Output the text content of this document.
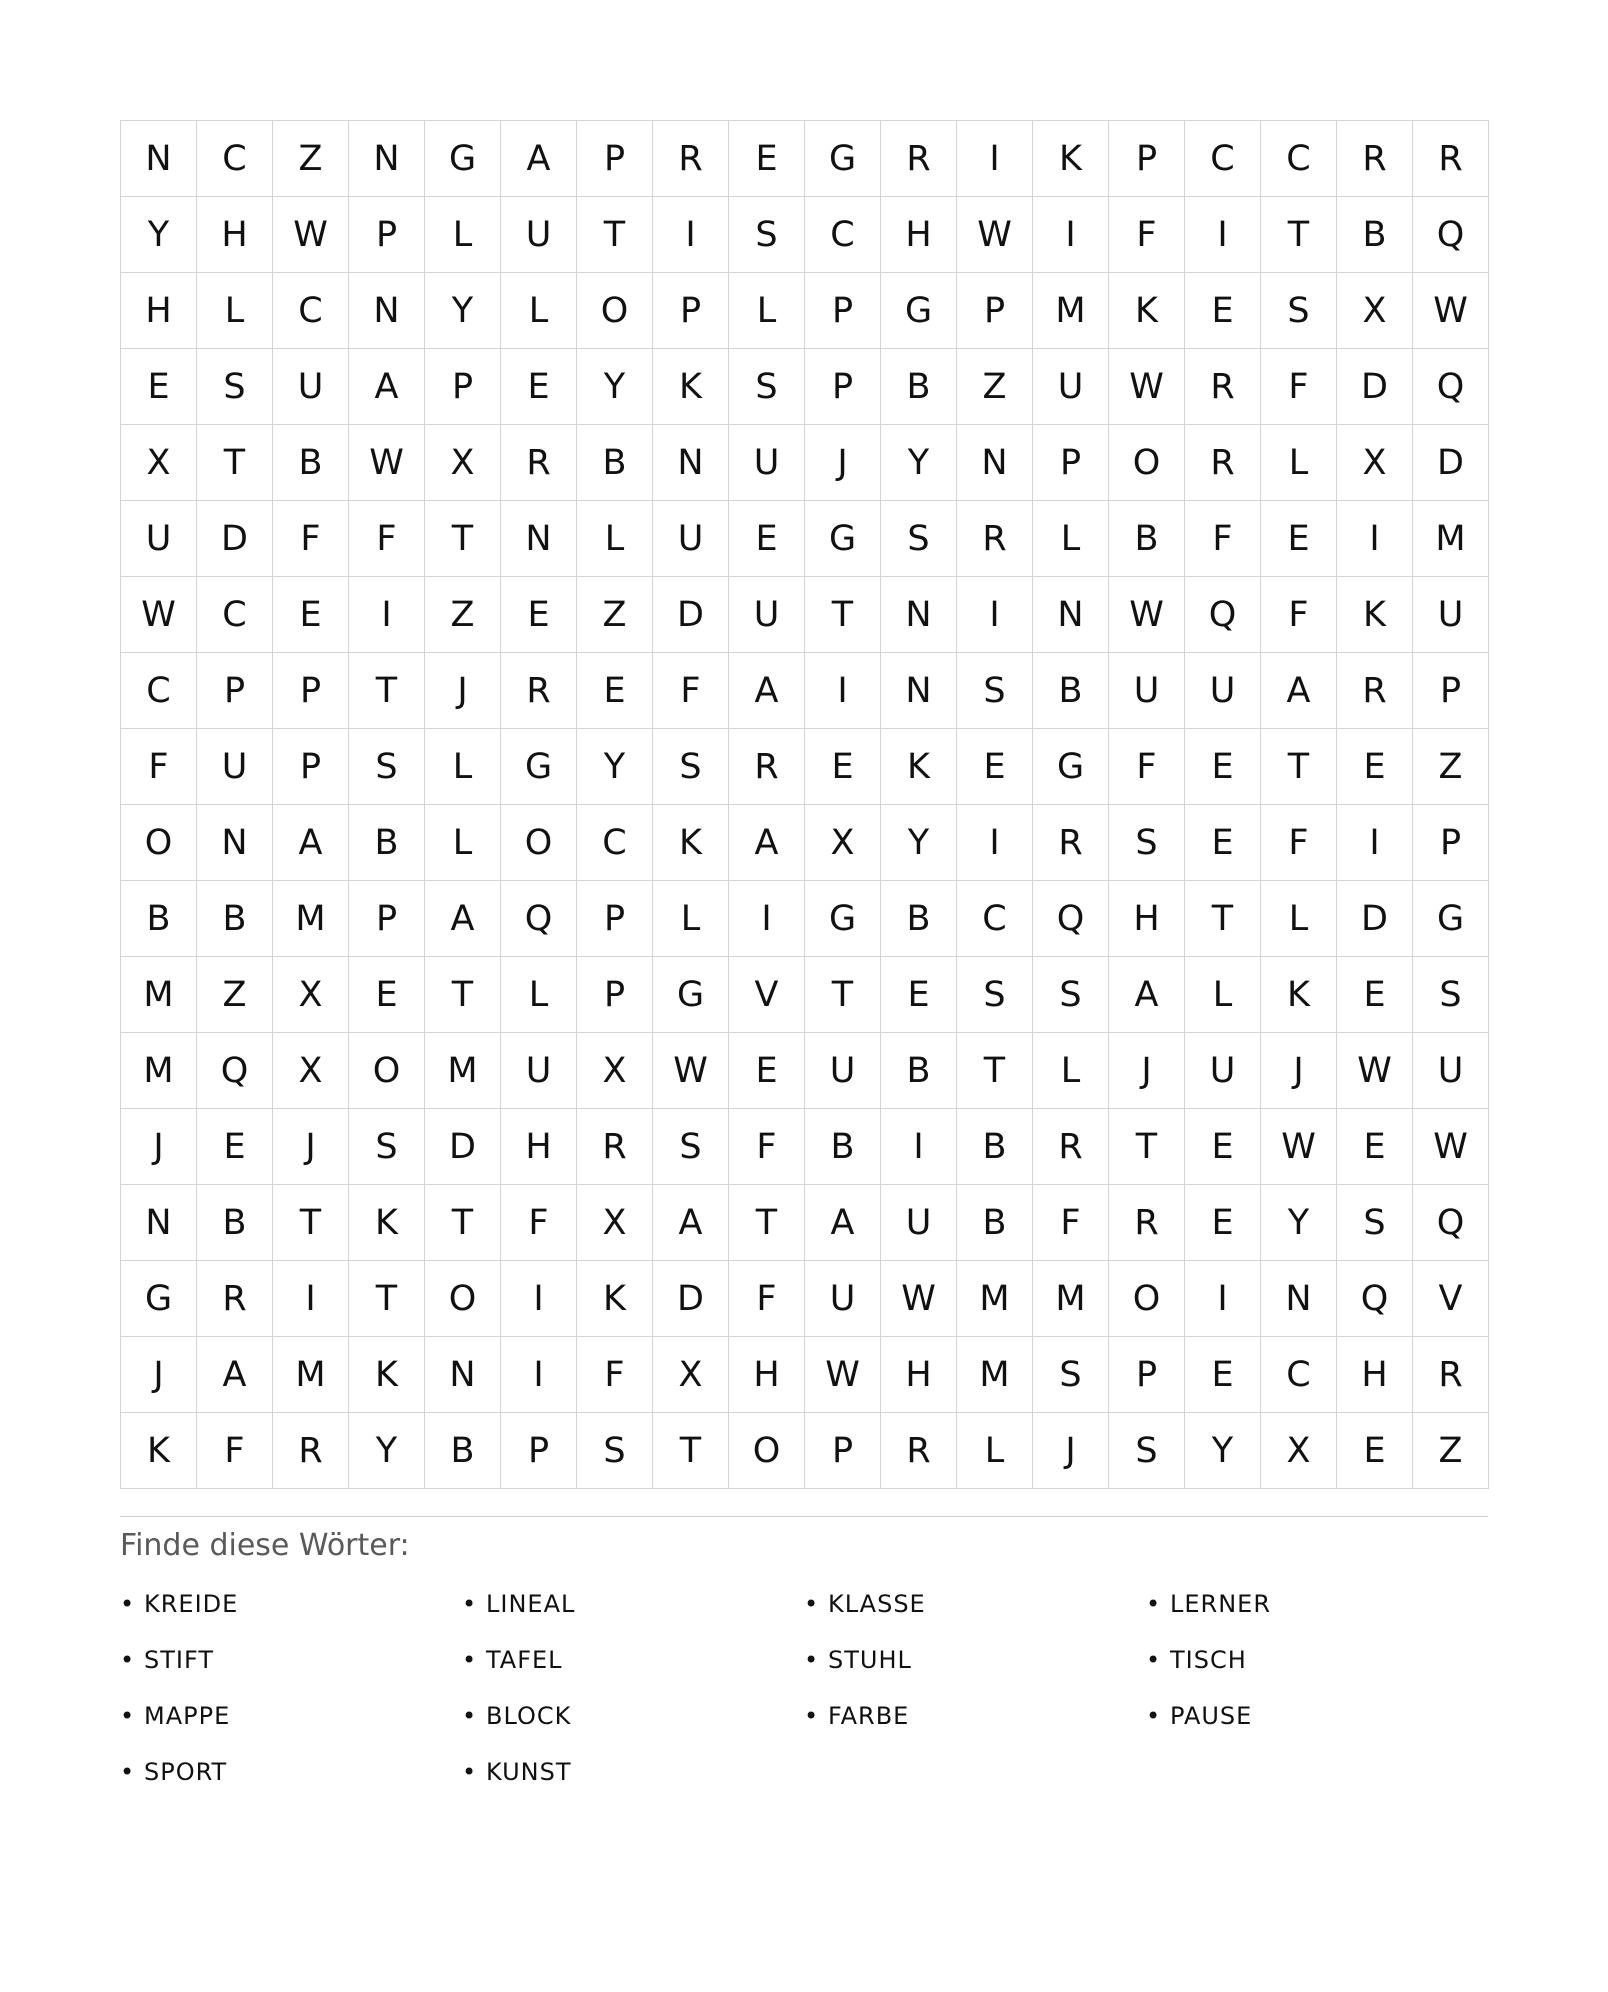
N	C	Z	N	G	A	P	R	E	G	R	I	K	P	C	C	R	R
Y	H	W	P	L	U	T	I	S	C	H	W	I	F	I	T	B	Q
H	L	C	N	Y	L	O	P	L	P	G	P	M	K	E	S	X	W
E	S	U	A	P	E	Y	K	S	P	B	Z	U	W	R	F	D	Q
X	T	B	W	X	R	B	N	U	J	Y	N	P	O	R	L	X	D
U	D	F	F	T	N	L	U	E	G	S	R	L	B	F	E	I	M
W	C	E	I	Z	E	Z	D	U	T	N	I	N	W	Q	F	K	U
C	P	P	T	J	R	E	F	A	I	N	S	B	U	U	A	R	P
F	U	P	S	L	G	Y	S	R	E	K	E	G	F	E	T	E	Z
O	N	A	B	L	O	C	K	A	X	Y	I	R	S	E	F	I	P
B	B	M	P	A	Q	P	L	I	G	B	C	Q	H	T	L	D	G
M	Z	X	E	T	L	P	G	V	T	E	S	S	A	L	K	E	S
M	Q	X	O	M	U	X	W	E	U	B	T	L	J	U	J	W	U
J	E	J	S	D	H	R	S	F	B	I	B	R	T	E	W	E	W
N	B	T	K	T	F	X	A	T	A	U	B	F	R	E	Y	S	Q
G	R	I	T	O	I	K	D	F	U	W	M	M	O	I	N	Q	V
J	A	M	K	N	I	F	X	H	W	H	M	S	P	E	C	H	R
K	F	R	Y	B	P	S	T	O	P	R	L	J	S	Y	X	E	Z
Finde diese Wörter:
• KREIDE	• LINEAL	• KLASSE	• LERNER
• STIFT	• TAFEL	• STUHL	• TISCH
• MAPPE	• BLOCK	• FARBE	• PAUSE
• SPORT	• KUNST
